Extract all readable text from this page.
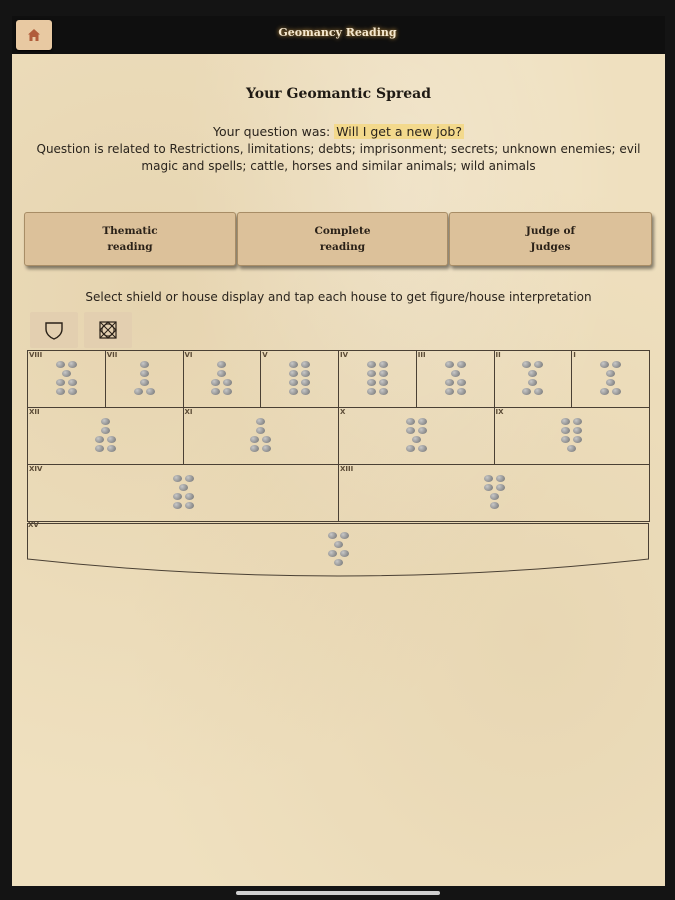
Geomancy Reading
Your Geomantic Spread
Your question was: Will I get a new job?
Question is related to Restrictions, limitations; debts; imprisonment; secrets; unknown enemies; evil magic and spells; cattle, horses and similar animals; wild animals
Thematic
reading
Complete
reading
Judge of
Judges
Select shield or house display and tap each house to get figure/house interpretation
VIII	VII	VI	V	IV	III	II	I
XII	XI	X	IX
XIV	XIII
XV
